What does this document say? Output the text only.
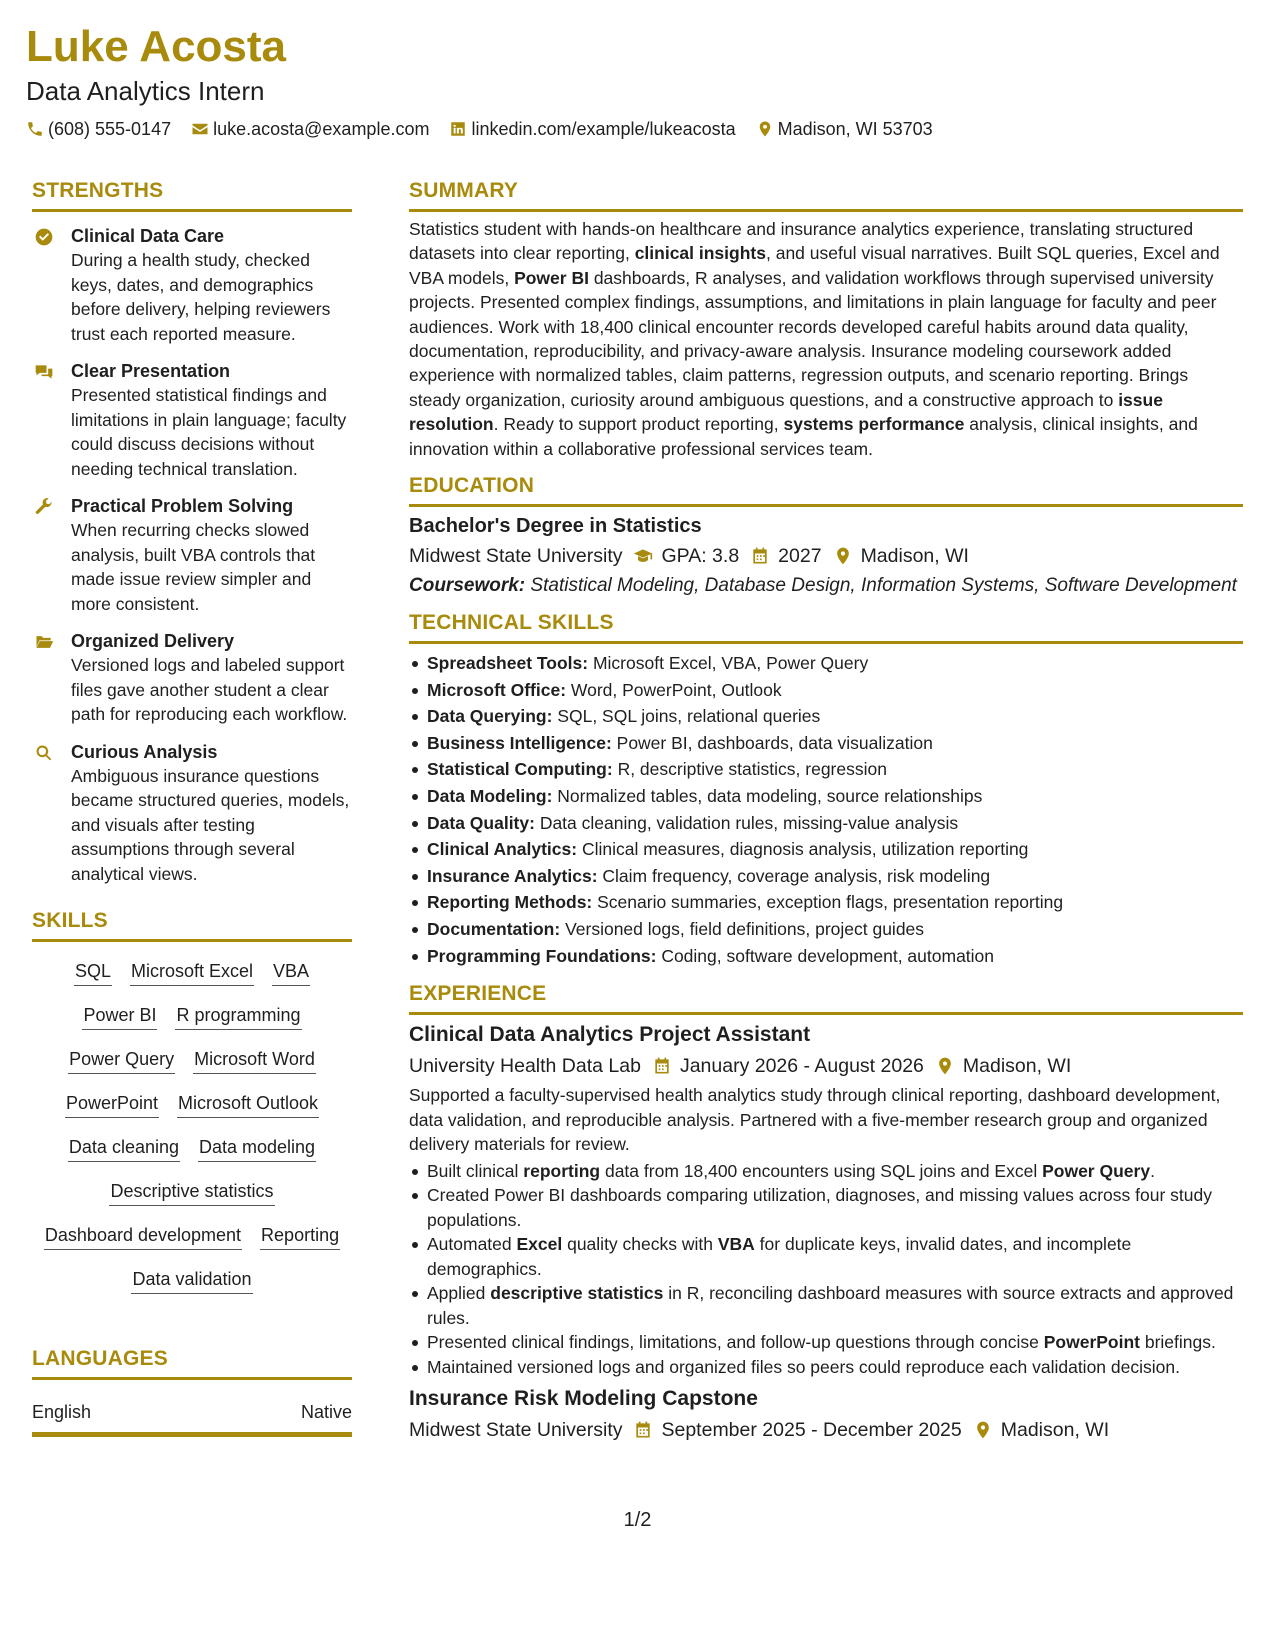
Luke Acosta
Data Analytics Intern
(608) 555-0147 luke.acosta@example.com linkedin.com/example/lukeacosta Madison, WI 53703
STRENGTHS
Clinical Data Care

During a health study, checked keys, dates, and demographics before delivery, helping reviewers trust each reported measure.

Clear Presentation

Presented statistical findings and limitations in plain language; faculty could discuss decisions without needing technical translation.

Practical Problem Solving

When recurring checks slowed analysis, built VBA controls that made issue review simpler and more consistent.

Organized Delivery

Versioned logs and labeled support files gave another student a clear path for reproducing each workflow.

Curious Analysis

Ambiguous insurance questions became structured queries, models, and visuals after testing assumptions through several analytical views.

SKILLS
SQL Microsoft Excel VBA
Power BI R programming
Power Query Microsoft Word
PowerPoint Microsoft Outlook
Data cleaning Data modeling
Descriptive statistics
Dashboard development Reporting
Data validation
LANGUAGES
English	Native
SUMMARY

Statistics student with hands-on healthcare and insurance analytics experience, translating structured datasets into clear reporting, clinical insights, and useful visual narratives. Built SQL queries, Excel and VBA models, Power BI dashboards, R analyses, and validation workflows through supervised university projects. Presented complex findings, assumptions, and limitations in plain language for faculty and peer audiences. Work with 18,400 clinical encounter records developed careful habits around data quality, documentation, reproducibility, and privacy-aware analysis. Insurance modeling coursework added experience with normalized tables, claim patterns, regression outputs, and scenario reporting. Brings steady organization, curiosity around ambiguous questions, and a constructive approach to issue resolution. Ready to support product reporting, systems performance analysis, clinical insights, and innovation within a collaborative professional services team.

EDUCATION
Bachelor's Degree in Statistics
Midwest State University GPA: 3.8 2027 Madison, WI
Coursework: Statistical Modeling, Database Design, Information Systems, Software Development
TECHNICAL SKILLS
Spreadsheet Tools: Microsoft Excel, VBA, Power Query
Microsoft Office: Word, PowerPoint, Outlook
Data Querying: SQL, SQL joins, relational queries
Business Intelligence: Power BI, dashboards, data visualization
Statistical Computing: R, descriptive statistics, regression
Data Modeling: Normalized tables, data modeling, source relationships
Data Quality: Data cleaning, validation rules, missing-value analysis
Clinical Analytics: Clinical measures, diagnosis analysis, utilization reporting
Insurance Analytics: Claim frequency, coverage analysis, risk modeling
Reporting Methods: Scenario summaries, exception flags, presentation reporting
Documentation: Versioned logs, field definitions, project guides
Programming Foundations: Coding, software development, automation
EXPERIENCE
Clinical Data Analytics Project Assistant
University Health Data Lab January 2026 - August 2026 Madison, WI

Supported a faculty-supervised health analytics study through clinical reporting, dashboard development, data validation, and reproducible analysis. Partnered with a five-member research group and organized delivery materials for review.

Built clinical reporting data from 18,400 encounters using SQL joins and Excel Power Query.
Created Power BI dashboards comparing utilization, diagnoses, and missing values across four study populations.
Automated Excel quality checks with VBA for duplicate keys, invalid dates, and incomplete demographics.
Applied descriptive statistics in R, reconciling dashboard measures with source extracts and approved rules.
Presented clinical findings, limitations, and follow-up questions through concise PowerPoint briefings.
Maintained versioned logs and organized files so peers could reproduce each validation decision.
Insurance Risk Modeling Capstone
Midwest State University September 2025 - December 2025 Madison, WI
1/2
